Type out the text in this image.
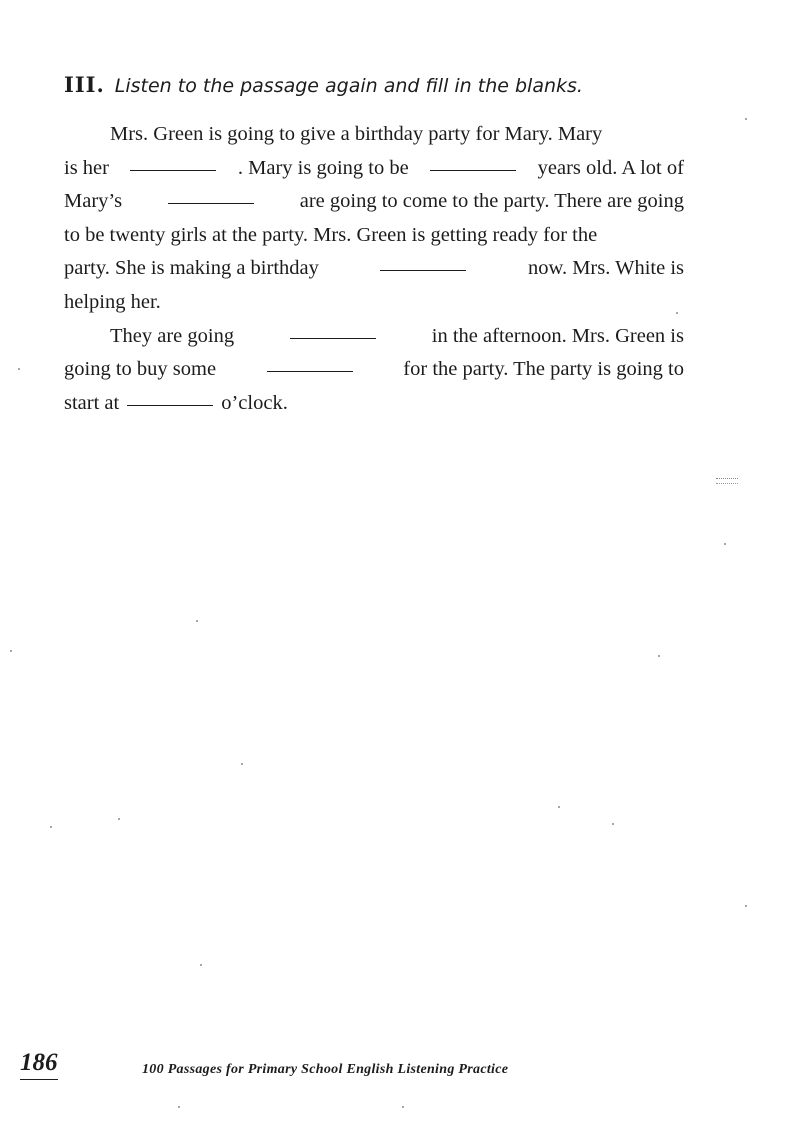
III. Listen to the passage again and fill in the blanks.
Mrs. Green is going to give a birthday party for Mary. Mary
is her	. Mary is going to be	years old. A lot of
Mary’s	are going to come to the party. There are going
to be twenty girls at the party. Mrs. Green is getting ready for the
party. She is making a birthday	now. Mrs. White is
helping her.
They are going	in the afternoon. Mrs. Green is
going to buy some	for the party. The party is going to
start at	o’clock.
186	100 Passages for Primary School English Listening Practice
